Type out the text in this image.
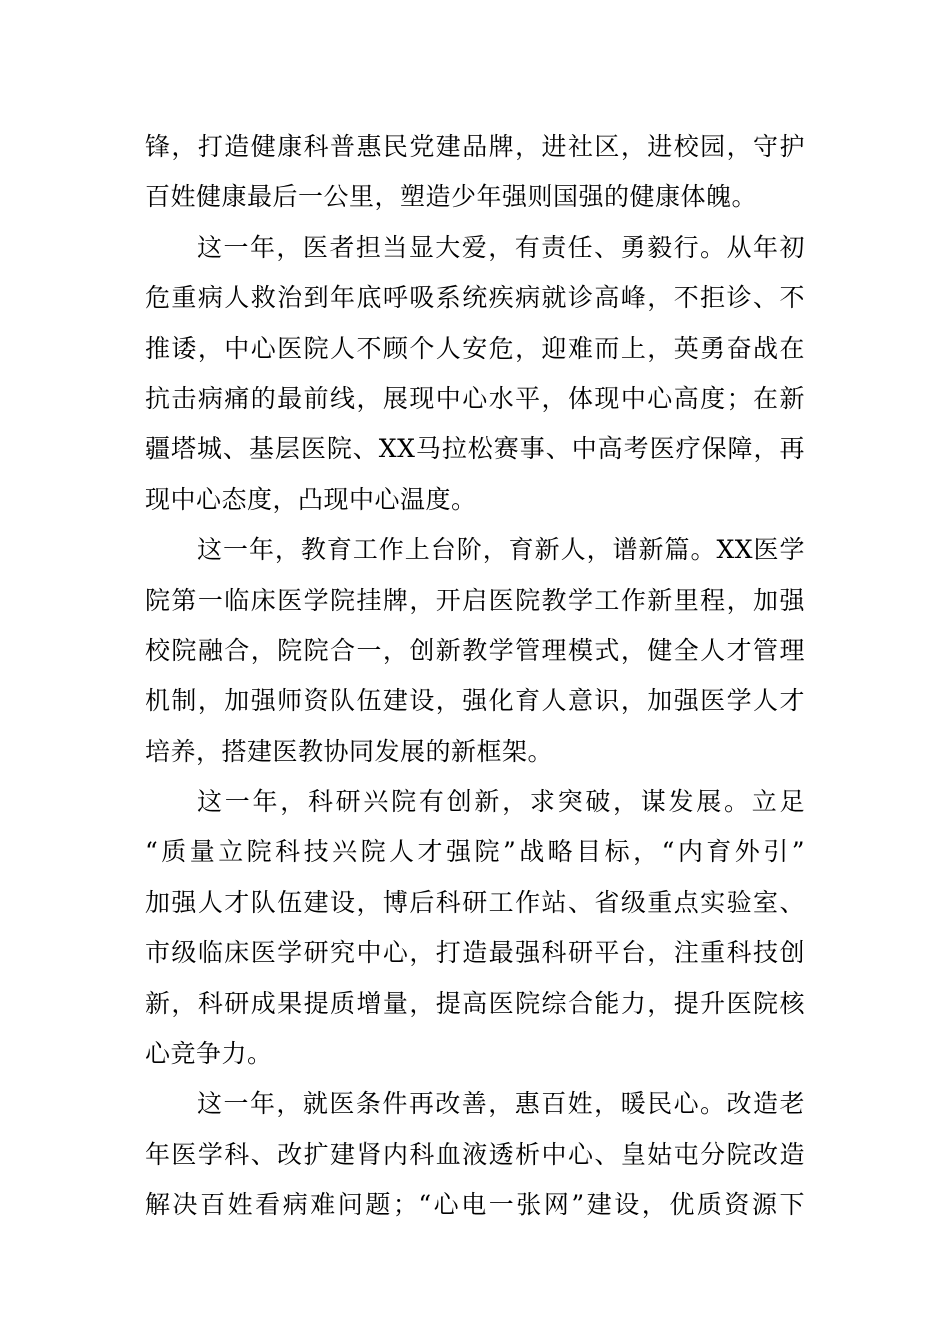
锋，打造健康科普惠民党建品牌，进社区，进校园，守护
百姓健康最后一公里，塑造少年强则国强的健康体魄。
这一年，医者担当显大爱，有责任、勇毅行。从年初
危重病人救治到年底呼吸系统疾病就诊高峰，不拒诊、不
推诿，中心医院人不顾个人安危，迎难而上，英勇奋战在
抗击病痛的最前线，展现中心水平，体现中心高度；在新
疆塔城、基层医院、XX马拉松赛事、中高考医疗保障，再
现中心态度，凸现中心温度。
这一年，教育工作上台阶，育新人，谱新篇。XX医学
院第一临床医学院挂牌，开启医院教学工作新里程，加强
校院融合，院院合一，创新教学管理模式，健全人才管理
机制，加强师资队伍建设，强化育人意识，加强医学人才
培养，搭建医教协同发展的新框架。
这一年，科研兴院有创新，求突破，谋发展。立足
“质量立院科技兴院人才强院”战略目标，“内育外引”
加强人才队伍建设，博后科研工作站、省级重点实验室、
市级临床医学研究中心，打造最强科研平台，注重科技创
新，科研成果提质增量，提高医院综合能力，提升医院核
心竞争力。
这一年，就医条件再改善，惠百姓，暖民心。改造老
年医学科、改扩建肾内科血液透析中心、皇姑屯分院改造
解决百姓看病难问题；“心电一张网”建设，优质资源下
